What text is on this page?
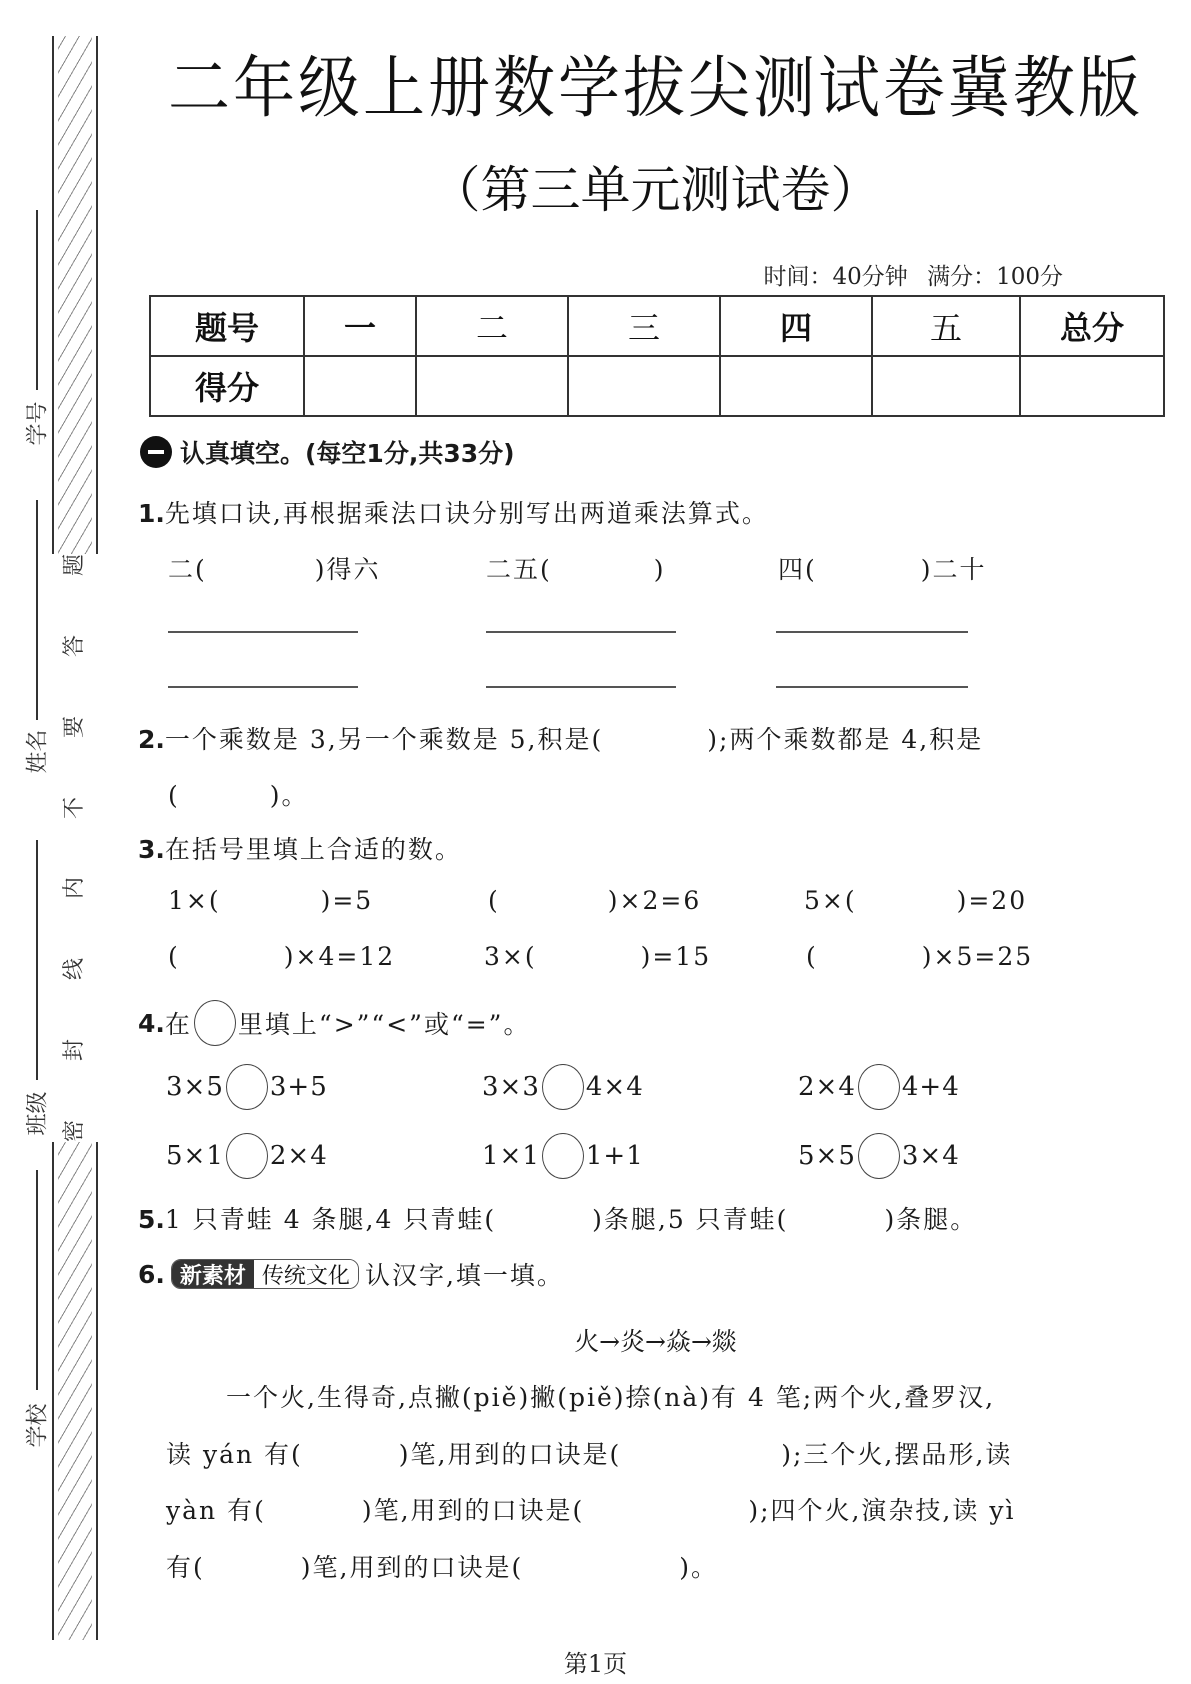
题
答
要
不
内
线
封
密
学号
姓名
班级
学校
二年级上册数学拔尖测试卷冀教版
（第三单元测试卷）
时间：40分钟 满分：100分
题号	一	二	三	四	五	总分
得分						
认真填空。(每空1分,共33分)
1.先填口诀,再根据乘法口诀分别写出两道乘法算式。
二(	)得六	二五(	)	四(	)二十
2.一个乘数是 3,另一个乘数是 5,积是(	);两个乘数都是 4,积是
(	)。
3.在括号里填上合适的数。
1×(	)=5	(	)×2=6	5×(	)=20
(	)×4=12	3×(	)=15	(	)×5=25
4. 在 里填上“>”“<”或“=”。
3×5 3+5	3×3 4×4	2×4 4+4
5×1 2×4	1×1 1+1	5×5 3×4
5.1 只青蛙 4 条腿,4 只青蛙(	)条腿,5 只青蛙(	)条腿。
6. 新素材 传统文化 认汉字,填一填。
火→炎→焱→燚
一个火,生得奇,点撇(piě)撇(piě)捺(nà)有 4 笔;两个火,叠罗汉,
读 yán 有(	)笔,用到的口诀是(	);三个火,摆品形,读
yàn 有(	)笔,用到的口诀是(	);四个火,演杂技,读 yì
有(	)笔,用到的口诀是(	)。
第1页
